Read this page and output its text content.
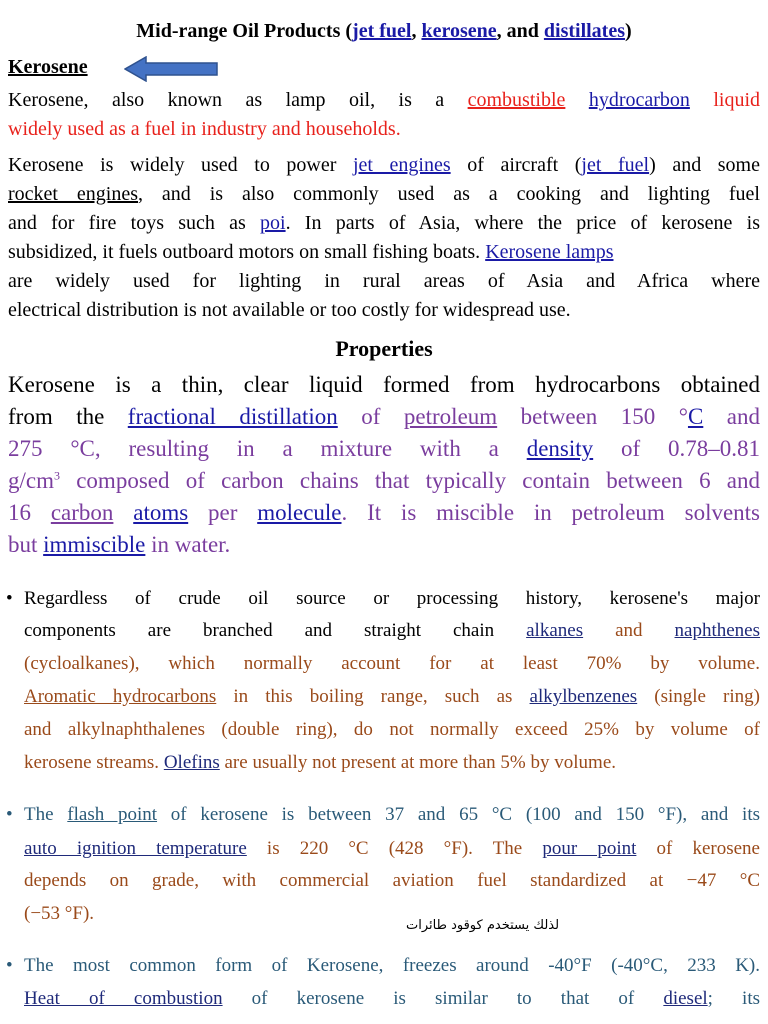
Mid-range Oil Products (jet fuel, kerosene, and distillates)
Kerosene
Kerosene, also known as lamp oil, is a combustible hydrocarbon liquid
widely used as a fuel in industry and households.
Kerosene is widely used to power jet engines of aircraft (jet fuel) and some
rocket engines, and is also commonly used as a cooking and lighting fuel
and for fire toys such as poi. In parts of Asia, where the price of kerosene is
subsidized, it fuels outboard motors on small fishing boats. Kerosene lamps
are widely used for lighting in rural areas of Asia and Africa where
electrical distribution is not available or too costly for widespread use.
Properties
Kerosene is a thin, clear liquid formed from hydrocarbons obtained
from the fractional distillation of petroleum between 150 °C and
275 °C, resulting in a mixture with a density of 0.78–0.81
$g/cm^3$ composed of carbon chains that typically contain between 6 and
16 carbon atoms per molecule. It is miscible in petroleum solvents
but immiscible in water.
• Regardless of crude oil source or processing history, kerosene's major
components are branched and straight chain alkanes and naphthenes
(cycloalkanes), which normally account for at least 70% by volume.
Aromatic hydrocarbons in this boiling range, such as alkylbenzenes (single ring)
and alkylnaphthalenes (double ring), do not normally exceed 25% by volume of
kerosene streams. Olefins are usually not present at more than 5% by volume.
• The flash point of kerosene is between 37 and 65 °C (100 and 150 °F), and its
auto ignition temperature is 220 °C (428 °F). The pour point of kerosene
depends on grade, with commercial aviation fuel standardized at −47 °C
(−53 °F).
لذلك يستخدم كوقود طائرات
• The most common form of Kerosene, freezes around -40°F (-40°C, 233 K).
Heat of combustion of kerosene is similar to that of diesel; its
